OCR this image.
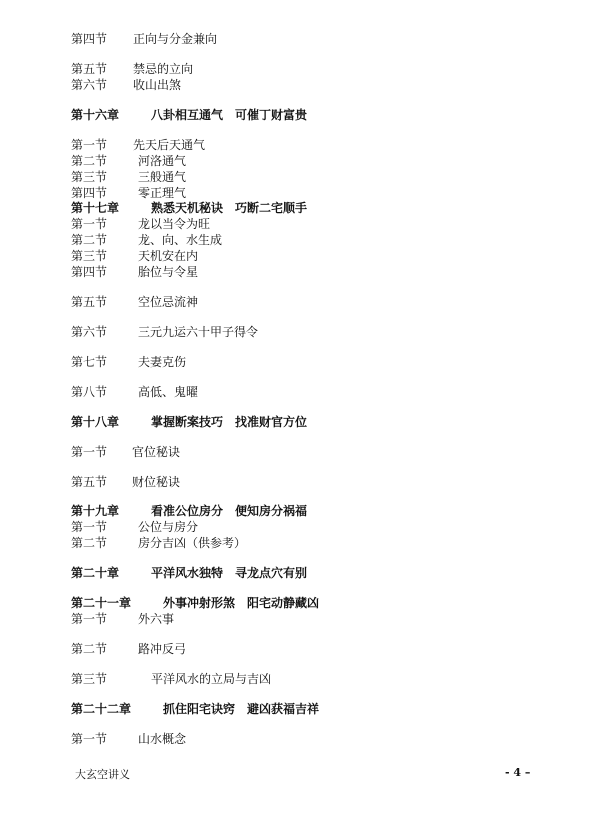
第四节 正向与分金兼向
第五节 禁忌的立向
第六节 收山出煞
第十六章	八卦相互通气　可催丁财富贵
第一节 先天后天通气
第二节	河洛通气
第三节	三般通气
第四节	零正理气
第十七章	熟悉天机秘诀　巧断二宅顺手
第一节	龙以当令为旺
第二节	龙、向、水生成
第三节	天机安在内
第四节	胎位与令星
第五节	空位忌流神
第六节	三元九运六十甲子得令
第七节	夫妻克伤
第八节	高低、鬼曜
第十八章	掌握断案技巧　找准财官方位
第一节 官位秘诀
第五节 财位秘诀
第十九章	看准公位房分　便知房分祸福
第一节	公位与房分
第二节	房分吉凶（供参考）
第二十章	平洋风水独特　寻龙点穴有别
第二十一章	外事冲射形煞　阳宅动静藏凶
第一节	外六事
第二节	路冲反弓
第三节	平洋风水的立局与吉凶
第二十二章	抓住阳宅诀窍　避凶获福吉祥
第一节	山水概念
大玄空讲义	- 4 –
